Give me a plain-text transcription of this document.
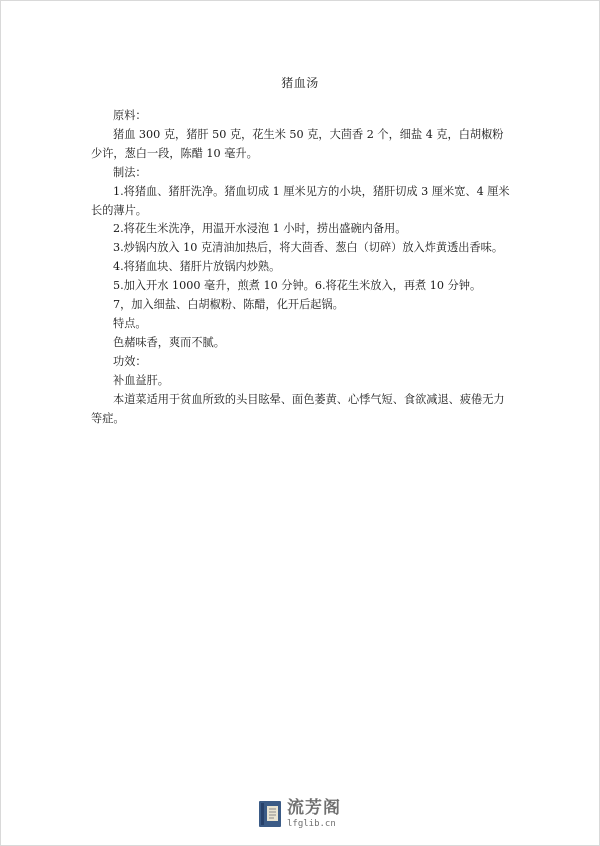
猪血汤

原料：

猪血 300 克，猪肝 50 克，花生米 50 克，大茴香 2 个，细盐 4 克，白胡椒粉少许，葱白一段，陈醋 10 毫升。

制法：

1.将猪血、猪肝洗净。猪血切成 1 厘米见方的小块，猪肝切成 3 厘米宽、4 厘米长的薄片。

2.将花生米洗净，用温开水浸泡 1 小时，捞出盛碗内备用。

3.炒锅内放入 10 克清油加热后，将大茴香、葱白（切碎）放入炸黄透出香味。

4.将猪血块、猪肝片放锅内炒熟。

5.加入开水 1000 毫升，煎煮 10 分钟。6.将花生米放入，再煮 10 分钟。

7，加入细盐、白胡椒粉、陈醋，化开后起锅。

特点。

色赭味香，爽而不腻。

功效：

补血益肝。

本道菜适用于贫血所致的头目眩晕、面色萎黄、心悸气短、食欲减退、疲倦无力等症。

流芳阁
lfglib.cn
